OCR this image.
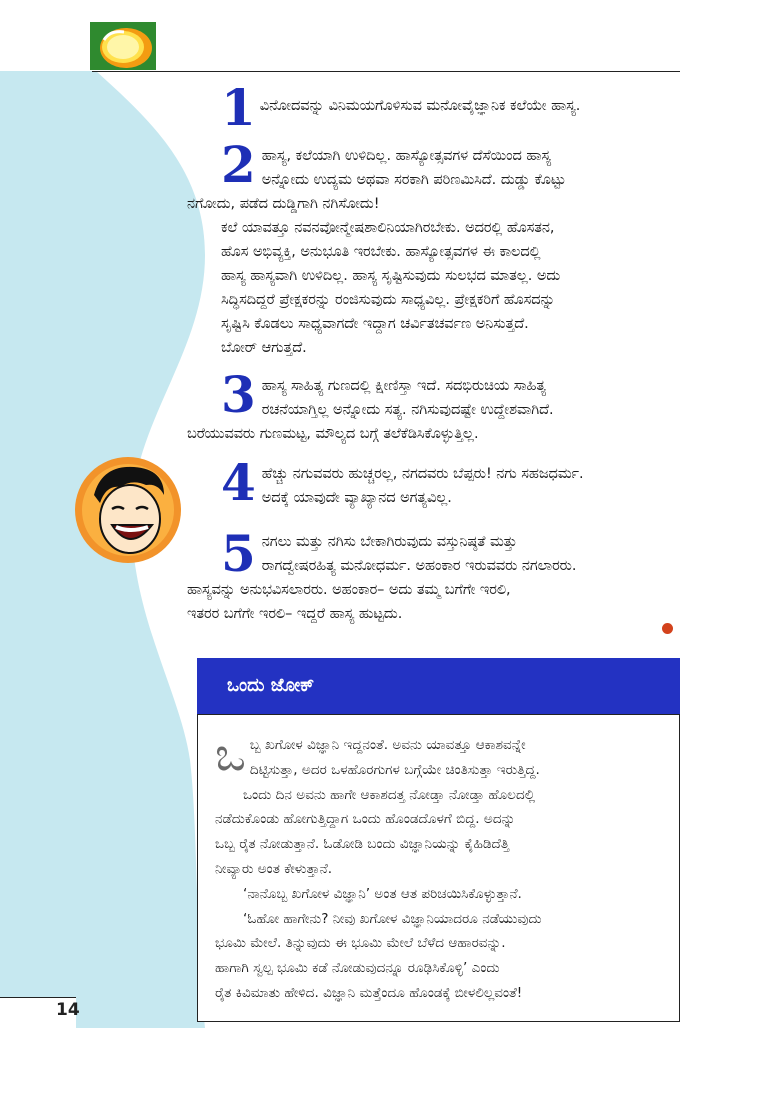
1 ವಿನೋದವನ್ನು ವಿನಿಮಯಗೊಳಿಸುವ ಮನೋವೈಜ್ಞಾನಿಕ ಕಲೆಯೇ ಹಾಸ್ಯ.
2 ಹಾಸ್ಯ, ಕಲೆಯಾಗಿ ಉಳಿದಿಲ್ಲ. ಹಾಸ್ಯೋತ್ಸವಗಳ ದೆಸೆಯಿಂದ ಹಾಸ್ಯ
ಅನ್ನೋದು ಉದ್ಯಮ ಅಥವಾ ಸರಕಾಗಿ ಪರಿಣಮಿಸಿದೆ. ದುಡ್ಡು ಕೊಟ್ಟು
ನಗೋದು, ಪಡೆದ ದುಡ್ಡಿಗಾಗಿ ನಗಿಸೋದು!
ಕಲೆ ಯಾವತ್ತೂ ನವನವೋನ್ಮೇಷಶಾಲಿನಿಯಾಗಿರಬೇಕು. ಅದರಲ್ಲಿ ಹೊಸತನ,
ಹೊಸ ಅಭಿವ್ಯಕ್ತಿ, ಅನುಭೂತಿ ಇರಬೇಕು. ಹಾಸ್ಯೋತ್ಸವಗಳ ಈ ಕಾಲದಲ್ಲಿ
ಹಾಸ್ಯ ಹಾಸ್ಯವಾಗಿ ಉಳಿದಿಲ್ಲ. ಹಾಸ್ಯ ಸೃಷ್ಟಿಸುವುದು ಸುಲಭದ ಮಾತಲ್ಲ. ಅದು
ಸಿದ್ಧಿಸದಿದ್ದರೆ ಪ್ರೇಕ್ಷಕರನ್ನು ರಂಜಿಸುವುದು ಸಾಧ್ಯವಿಲ್ಲ. ಪ್ರೇಕ್ಷಕರಿಗೆ ಹೊಸದನ್ನು
ಸೃಷ್ಟಿಸಿ ಕೊಡಲು ಸಾಧ್ಯವಾಗದೇ ಇದ್ದಾಗ ಚರ್ವಿತಚರ್ವಣ ಅನಿಸುತ್ತದೆ.
ಬೋರ್ ಆಗುತ್ತದೆ.
3 ಹಾಸ್ಯ ಸಾಹಿತ್ಯ ಗುಣದಲ್ಲಿ ಕ್ಷೀಣಿಸ್ತಾ ಇದೆ. ಸದಭಿರುಚಿಯ ಸಾಹಿತ್ಯ
ರಚನೆಯಾಗ್ತಿಲ್ಲ ಅನ್ನೋದು ಸತ್ಯ. ನಗಿಸುವುದಷ್ಟೇ ಉದ್ದೇಶವಾಗಿದೆ.
ಬರೆಯುವವರು ಗುಣಮಟ್ಟ, ಮೌಲ್ಯದ ಬಗ್ಗೆ ತಲೆಕೆಡಿಸಿಕೊಳ್ಳುತ್ತಿಲ್ಲ.
4 ಹೆಚ್ಚು ನಗುವವರು ಹುಚ್ಚರಲ್ಲ, ನಗದವರು ಬೆಪ್ಪರು! ನಗು ಸಹಜಧರ್ಮ.
ಅದಕ್ಕೆ ಯಾವುದೇ ವ್ಯಾಖ್ಯಾನದ ಅಗತ್ಯವಿಲ್ಲ.
5 ನಗಲು ಮತ್ತು ನಗಿಸು ಬೇಕಾಗಿರುವುದು ವಸ್ತುನಿಷ್ಠತೆ ಮತ್ತು
ರಾಗದ್ವೇಷರಹಿತ್ಯ ಮನೋಧರ್ಮ. ಅಹಂಕಾರ ಇರುವವರು ನಗಲಾರರು.
ಹಾಸ್ಯವನ್ನು ಅನುಭವಿಸಲಾರರು. ಅಹಂಕಾರ– ಅದು ತಮ್ಮ ಬಗೆಗೇ ಇರಲಿ,
ಇತರರ ಬಗೆಗೇ ಇರಲಿ– ಇದ್ದರೆ ಹಾಸ್ಯ ಹುಟ್ಟದು.
ಒಂದು ಜೋಕ್
ಒ ಬ್ಬ ಖಗೋಳ ವಿಜ್ಞಾನಿ ಇದ್ದನಂತೆ. ಅವನು ಯಾವತ್ತೂ ಆಕಾಶವನ್ನೇ
ದಿಟ್ಟಿಸುತ್ತಾ, ಅದರ ಒಳಹೊರಗುಗಳ ಬಗ್ಗೆಯೇ ಚಿಂತಿಸುತ್ತಾ ಇರುತ್ತಿದ್ದ.
ಒಂದು ದಿನ ಅವನು ಹಾಗೇ ಆಕಾಶದತ್ತ ನೋಡ್ತಾ ನೋಡ್ತಾ ಹೊಲದಲ್ಲಿ
ನಡೆದುಕೊಂಡು ಹೋಗುತ್ತಿದ್ದಾಗ ಒಂದು ಹೊಂಡದೊಳಗೆ ಬಿದ್ದ. ಅದನ್ನು
ಒಬ್ಬ ರೈತ ನೋಡುತ್ತಾನೆ. ಓಡೋಡಿ ಬಂದು ವಿಜ್ಞಾನಿಯನ್ನು ಕೈಹಿಡಿದೆತ್ತಿ
ನೀವ್ಯಾರು ಅಂತ ಕೇಳುತ್ತಾನೆ.
‘ನಾನೊಬ್ಬ ಖಗೋಳ ವಿಜ್ಞಾನಿ’ ಅಂತ ಆತ ಪರಿಚಯಿಸಿಕೊಳ್ಳುತ್ತಾನೆ.
‘ಓಹೋ ಹಾಗೇನು? ನೀವು ಖಗೋಳ ವಿಜ್ಞಾನಿಯಾದರೂ ನಡೆಯುವುದು
ಭೂಮಿ ಮೇಲೆ. ತಿನ್ನುವುದು ಈ ಭೂಮಿ ಮೇಲೆ ಬೆಳೆದ ಆಹಾರವನ್ನು.
ಹಾಗಾಗಿ ಸ್ವಲ್ಪ ಭೂಮಿ ಕಡೆ ನೋಡುವುದನ್ನೂ ರೂಢಿಸಿಕೊಳ್ಳಿ’ ಎಂದು
ರೈತ ಕಿವಿಮಾತು ಹೇಳಿದ. ವಿಜ್ಞಾನಿ ಮತ್ತೆಂದೂ ಹೊಂಡಕ್ಕೆ ಬೀಳಲಿಲ್ಲವಂತೆ!
14
